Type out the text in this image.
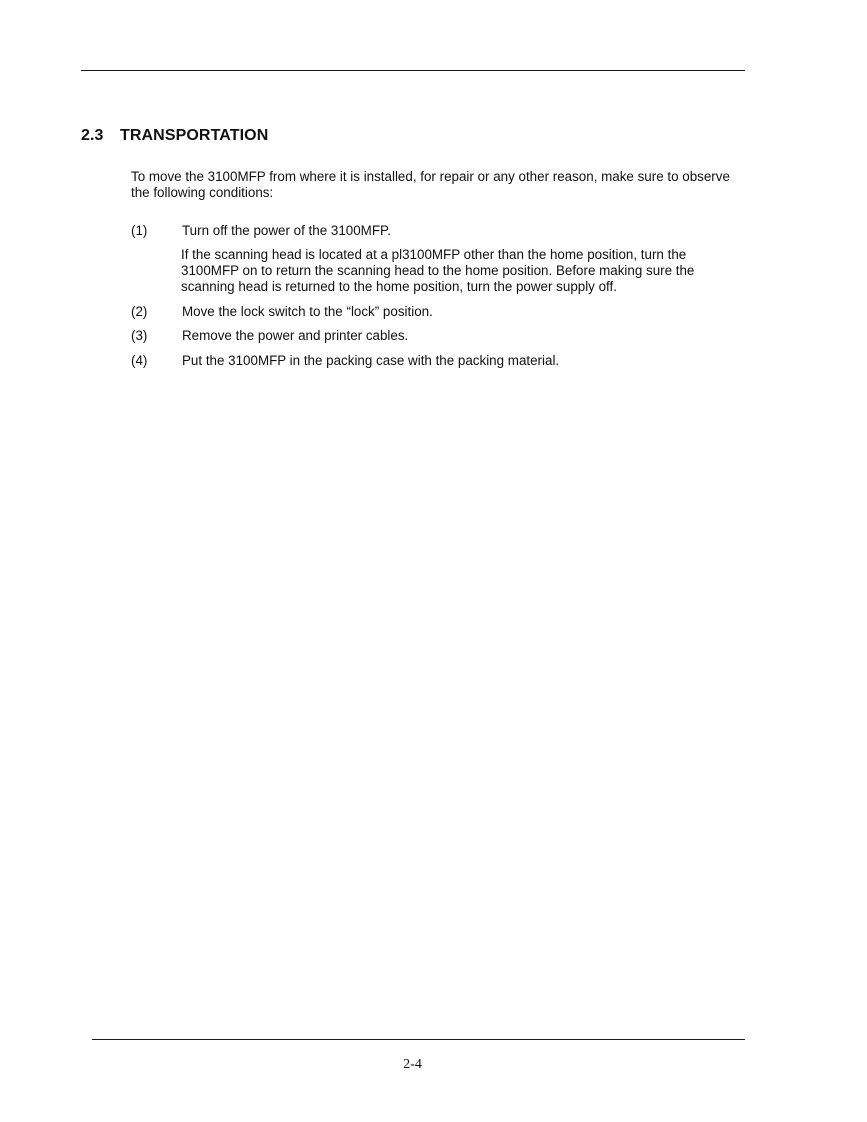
2.3 TRANSPORTATION
To move the 3100MFP from where it is installed, for repair or any other reason, make sure to observe the following conditions:
(1)	Turn off the power of the 3100MFP.
If the scanning head is located at a pl3100MFP other than the home position, turn the 3100MFP on to return the scanning head to the home position. Before making sure the scanning head is returned to the home position, turn the power supply off.
(2)	Move the lock switch to the “lock” position.
(3)	Remove the power and printer cables.
(4)	Put the 3100MFP in the packing case with the packing material.
2-4
